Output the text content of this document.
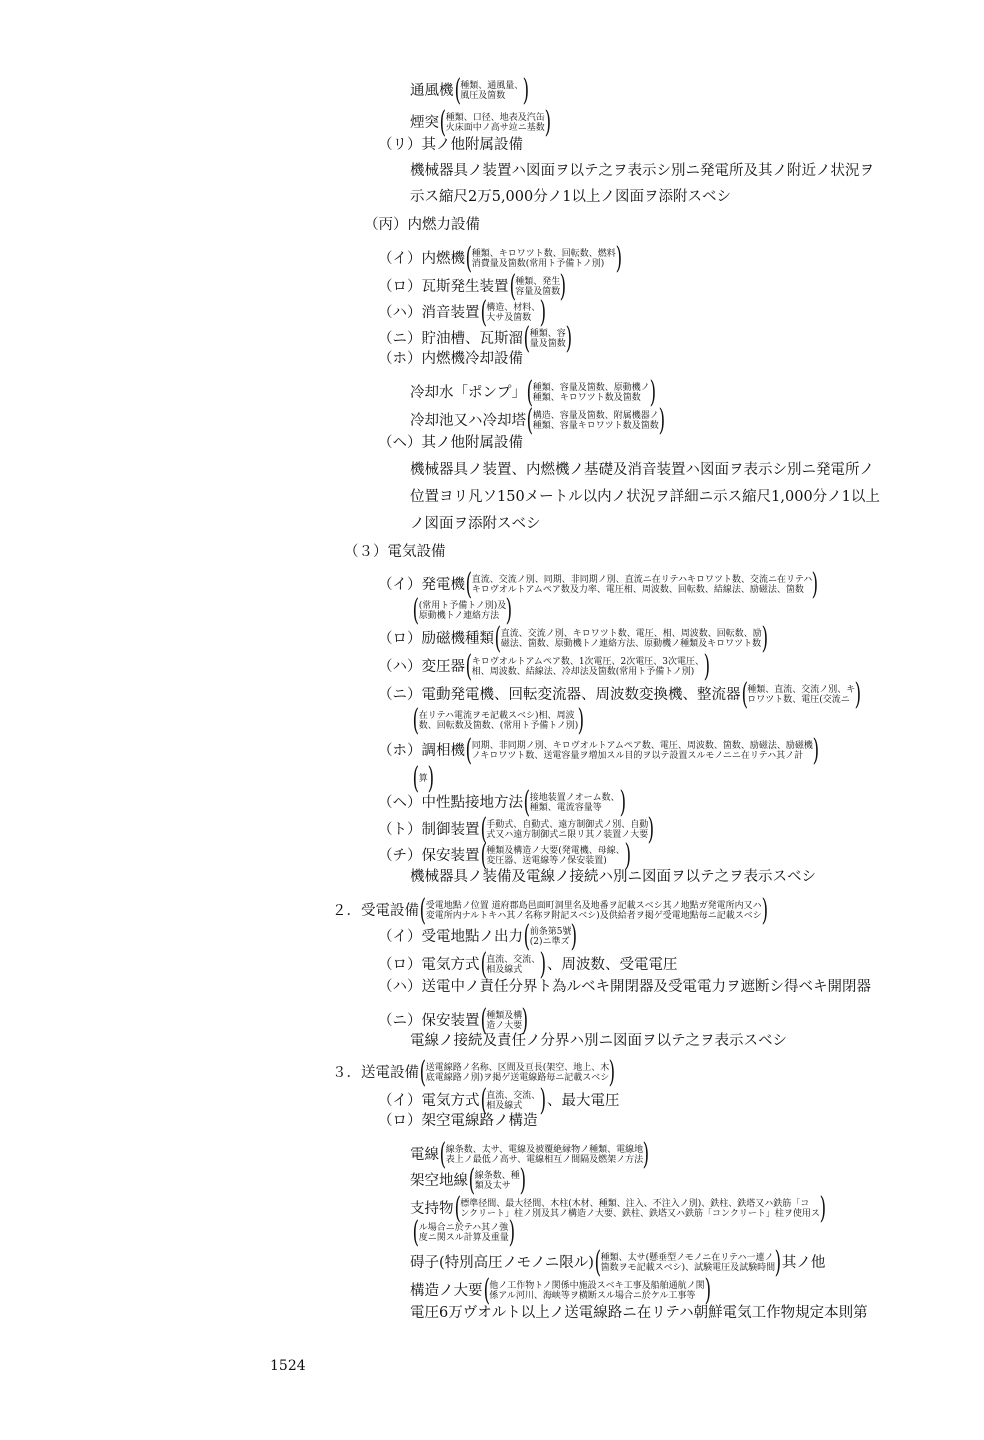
通風機 ( 種類、通風量、
風圧及箇数 )
煙突 ( 種類、口径、地表及汽缶
火床面中ノ高サ竝ニ基数 )
（リ）其ノ他附属設備
機械器具ノ装置ハ図面ヲ以テ之ヲ表示シ別ニ発電所及其ノ附近ノ状況ヲ
示ス縮尺2万5,000分ノ1以上ノ図面ヲ添附スベシ
（丙）内燃力設備
（イ）内燃機 ( 種類、キロワツト数、回転数、燃料
消費量及箇数(常用ト予備トノ別) )
（ロ）瓦斯発生装置 ( 種類、発生
容量及箇数 )
（ハ）消音装置 ( 構造、材料、
大サ及箇数 )
（ニ）貯油槽、瓦斯溜 ( 種類、容
量及箇数 )
（ホ）内燃機冷却設備
冷却水「ポンプ」 ( 種類、容量及箇数、原動機ノ
種類、キロワツト数及箇数 )
冷却池又ハ冷却塔 ( 構造、容量及箇数、附属機器ノ
種類、容量キロワツト数及箇数 )
（ヘ）其ノ他附属設備
機械器具ノ装置、内燃機ノ基礎及消音装置ハ図面ヲ表示シ別ニ発電所ノ
位置ヨリ凡ソ150メートル以内ノ状況ヲ詳細ニ示ス縮尺1,000分ノ1以上
ノ図面ヲ添附スベシ
（３）電気設備
（イ）発電機 ( 直流、交流ノ別、同期、非同期ノ別、直流ニ在リテハキロワツト数、交流ニ在リテハ
キロヴオルトアムペア数及力率、電圧相、周波数、回転数、結線法、励磁法、箇数 )
( (常用ト予備トノ別)及
原動機トノ連絡方法 )
（ロ）励磁機種類 ( 直流、交流ノ別、キロワツト数、電圧、相、周波数、回転数、励
磁法、箇数、原動機トノ連絡方法、原動機ノ種類及キロワツト数 )
（ハ）変圧器 ( キロヴオルトアムペア数、1次電圧、2次電圧、3次電圧、
相、周波数、結線法、冷却法及箇数(常用ト予備トノ別) )
（ニ）電動発電機、回転変流器、周波数変換機、整流器 ( 種類、直流、交流ノ別、キ
ロワツト数、電圧(交流ニ )
( 在リテハ電流ヲモ記載スベシ)相、周波
数、回転数及箇数、(常用ト予備トノ別) )
（ホ）調相機 ( 同期、非同期ノ別、キロヴオルトアムペア数、電圧、周波数、箇数、励磁法、励磁機
ノキロワツト数、送電容量ヲ増加スル目的ヲ以テ設置スルモノニニ在リテハ其ノ計 )
( 算 )
（ヘ）中性點接地方法 ( 接地装置ノオーム数、
種類、電流容量等 )
（ト）制御装置 ( 手動式、自動式、遠方制御式ノ別、自動
式又ハ遠方制御式ニ限リ其ノ装置ノ大要 )
（チ）保安装置 ( 種類及構造ノ大要(発電機、母線、
変圧器、送電線等ノ保安装置) )
機械器具ノ装備及電線ノ接続ハ別ニ図面ヲ以テ之ヲ表示スベシ
２．受電設備 ( 受電地點ノ位置 道府郡島邑面町洞里名及地番ヲ記載スベシ其ノ地點ガ発電所内又ハ
変電所内ナルトキハ其ノ名称ヲ附記スベシ)及供給者ヲ掲ゲ受電地點毎ニ記載スベシ )
（イ）受電地點ノ出力 ( 前条第5號
(2)ニ準ズ )
（ロ）電気方式 ( 直流、交流、
相及線式 ) 、周波数、受電電圧
（ハ）送電中ノ責任分界ト為ルベキ開閉器及受電電力ヲ遮断シ得ベキ開閉器
（ニ）保安装置 ( 種類及構
造ノ大要 )
電線ノ接続及責任ノ分界ハ別ニ図面ヲ以テ之ヲ表示スベシ
３．送電設備 ( 送電線路ノ名称、区間及亘長(架空、地上、木
底電線路ノ別)ヲ掲ゲ送電線路毎ニ記載スベシ )
（イ）電気方式 ( 直流、交流、
相及線式 ) 、最大電圧
（ロ）架空電線路ノ構造
電線 ( 線条数、太サ、電線及被覆絶縁物ノ種類、電線地
表上ノ最低ノ高サ、電線相互ノ間隔及燃架ノ方法 )
架空地線 ( 線条数、種
類及太サ )
支持物 ( 標準径間、最大径間、木柱(木材、種類、注入、不注入ノ別)、鉄柱、鉄塔又ハ鉄筋「コ
ンクリート」柱ノ別及其ノ構造ノ大要、鉄柱、鉄塔又ハ鉄筋「コンクリート」柱ヲ使用ス )
( ル場合ニ於テハ其ノ強
度ニ関スル計算及重量 )
碍子(特別高圧ノモノニ限ル) ( 種類、太サ(懸垂型ノモノニ在リテハ一連ノ
箇数ヲモ記載スベシ)、試験電圧及試験時間 ) 其ノ他
構造ノ大要 ( 他ノ工作物トノ関係中施設スベキ工事及船舶通航ノ関
係アル河川、海峡等ヲ横断スル場合ニ於ケル工事等 )
電圧6万ヴオルト以上ノ送電線路ニ在リテハ朝鮮電気工作物規定本則第
1524
